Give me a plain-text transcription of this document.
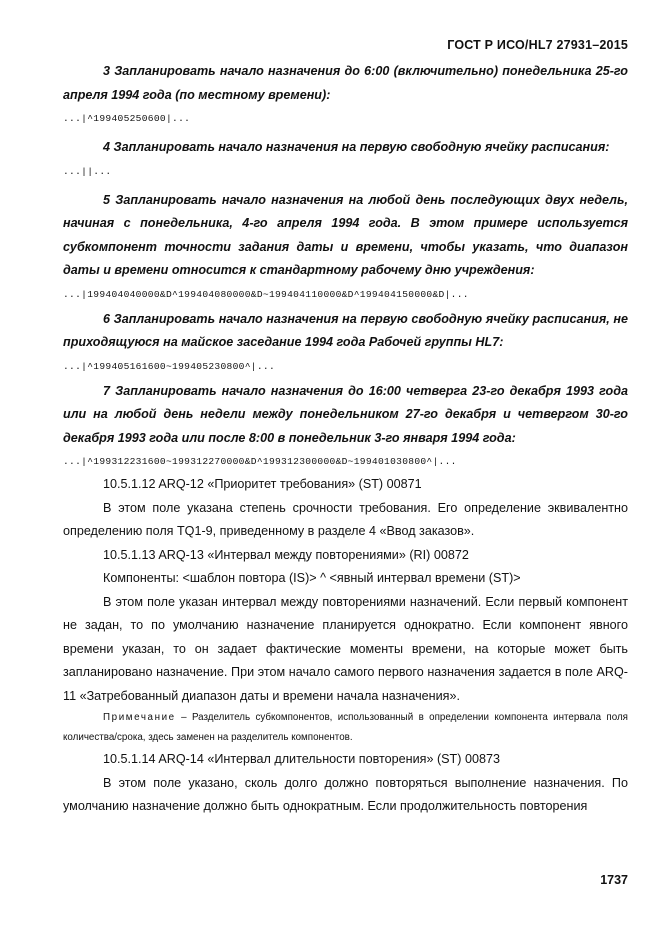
ГОСТ Р ИСО/HL7 27931–2015

3 Запланировать начало назначения до 6:00 (включительно) понедельника 25-го апреля 1994 года (по местному времени):

...|^199405250600|...

4 Запланировать начало назначения на первую свободную ячейку расписания:

...||...

5 Запланировать начало назначения на любой день последующих двух недель, начиная с понедельника, 4-го апреля 1994 года. В этом примере используется субкомпонент точности задания даты и времени, чтобы указать, что диапазон даты и времени относится к стандартному рабочему дню учреждения:

...|199404040000&D^199404080000&D~199404110000&D^199404150000&D|...

6 Запланировать начало назначения на первую свободную ячейку расписания, не приходящуюся на майское заседание 1994 года Рабочей группы HL7:

...|^199405161600~199405230800^|...

7 Запланировать начало назначения до 16:00 четверга 23-го декабря 1993 года или на любой день недели между понедельником 27-го декабря и четвергом 30-го декабря 1993 года или после 8:00 в понедельник 3-го января 1994 года:

...|^199312231600~199312270000&D^199312300000&D~199401030800^|...

10.5.1.12 ARQ-12 «Приоритет требования» (ST) 00871

В этом поле указана степень срочности требования. Его определение эквивалентно определению поля TQ1-9, приведенному в разделе 4 «Ввод заказов».

10.5.1.13 ARQ-13 «Интервал между повторениями» (RI) 00872

Компоненты: <шаблон повтора (IS)> ^ <явный интервал времени (ST)>

В этом поле указан интервал между повторениями назначений. Если первый компонент не задан, то по умолчанию назначение планируется однократно. Если компонент явного времени указан, то он задает фактические моменты времени, на которые может быть запланировано назначение. При этом начало самого первого назначения задается в поле ARQ-11 «Затребованный диапазон даты и времени начала назначения».

Примечание – Разделитель субкомпонентов, использованный в определении компонента интервала поля количества/срока, здесь заменен на разделитель компонентов.

10.5.1.14 ARQ-14 «Интервал длительности повторения» (ST) 00873

В этом поле указано, сколь долго должно повторяться выполнение назначения. По умолчанию назначение должно быть однократным. Если продолжительность повторения

1737
